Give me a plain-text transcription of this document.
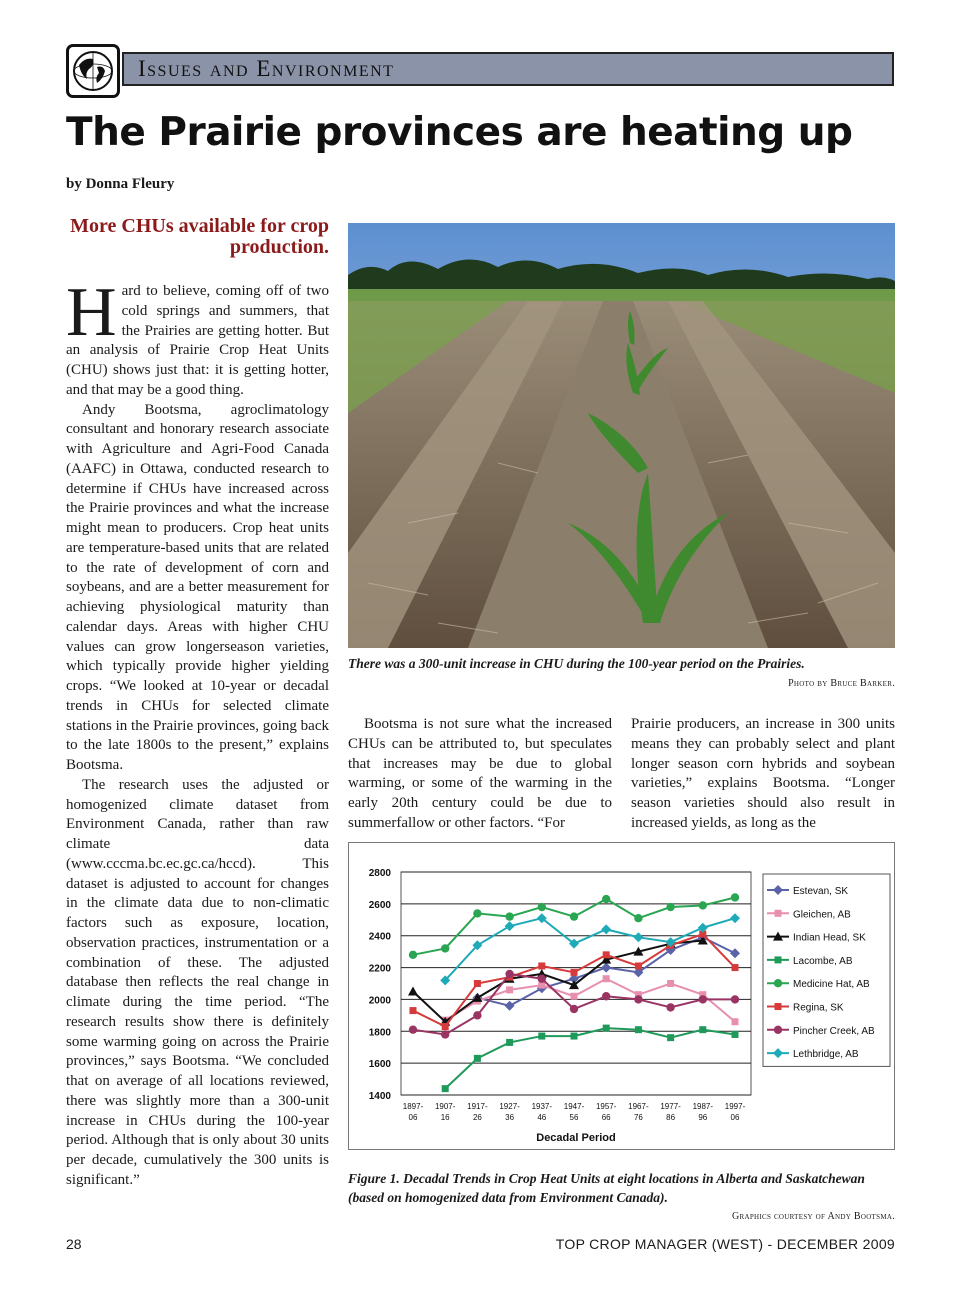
Issues and Environment
The Prairie provinces are heating up
by Donna Fleury
More CHUs available for crop production.

Hard to believe, coming off of two cold springs and summers, that the Prairies are getting hotter. But an analysis of Prairie Crop Heat Units (CHU) shows just that: it is getting hotter, and that may be a good thing.

Andy Bootsma, agroclimatology consultant and honorary research associate with Agriculture and Agri-Food Canada (AAFC) in Ottawa, conducted research to determine if CHUs have increased across the Prairie provinces and what the increase might mean to producers. Crop heat units are temperature-based units that are related to the rate of development of corn and soybeans, and are a better measurement for achieving physiological maturity than calendar days. Areas with higher CHU values can grow longerseason varieties, which typically provide higher yielding crops. “We looked at 10-year or decadal trends in CHUs for selected climate stations in the Prairie provinces, going back to the late 1800s to the present,” explains Bootsma.

The research uses the adjusted or homogenized climate dataset from Environment Canada, rather than raw climate data (www.cccma.bc.ec.gc.ca/hccd). This dataset is adjusted to account for changes in the climate data due to non-climatic factors such as exposure, location, observation practices, instrumentation or a combination of these. The adjusted database then reflects the real change in climate during the time period. “The research results show there is definitely some warming going on across the Prairie provinces,” says Bootsma. “We concluded that on average of all locations reviewed, there was slightly more than a 300-unit increase in CHUs during the 100-year period. Although that is only about 30 units per decade, cumulatively the 300 units is significant.”

There was a 300-unit increase in CHU during the 100-year period on the Prairies.
Photo by Bruce Barker.

Bootsma is not sure what the increased CHUs can be attributed to, but speculates that increases may be due to global warming, or some of the warming in the early 20th century could be due to summerfallow or other factors. “For

Prairie producers, an increase in 300 units means they can probably select and plant longer season corn hybrids and soybean varieties,” explains Bootsma. “Longer season varieties should also result in increased yields, as long as the

1400
1600
1800
2000
2200
2400
2600
2800
1897-
06
1907-
16
1917-
26
1927-
36
1937-
46
1947-
56
1957-
66
1967-
76
1977-
86
1987-
96
1997-
06
Decadal Period
Estevan, SK
Gleichen, AB
Indian Head, SK
Lacombe, AB
Medicine Hat, AB
Regina, SK
Pincher Creek, AB
Lethbridge, AB
Figure 1. Decadal Trends in Crop Heat Units at eight locations in Alberta and Saskatchewan (based on homogenized data from Environment Canada).
Graphics courtesy of Andy Bootsma.
28	TOP CROP MANAGER (WEST) - DECEMBER 2009
